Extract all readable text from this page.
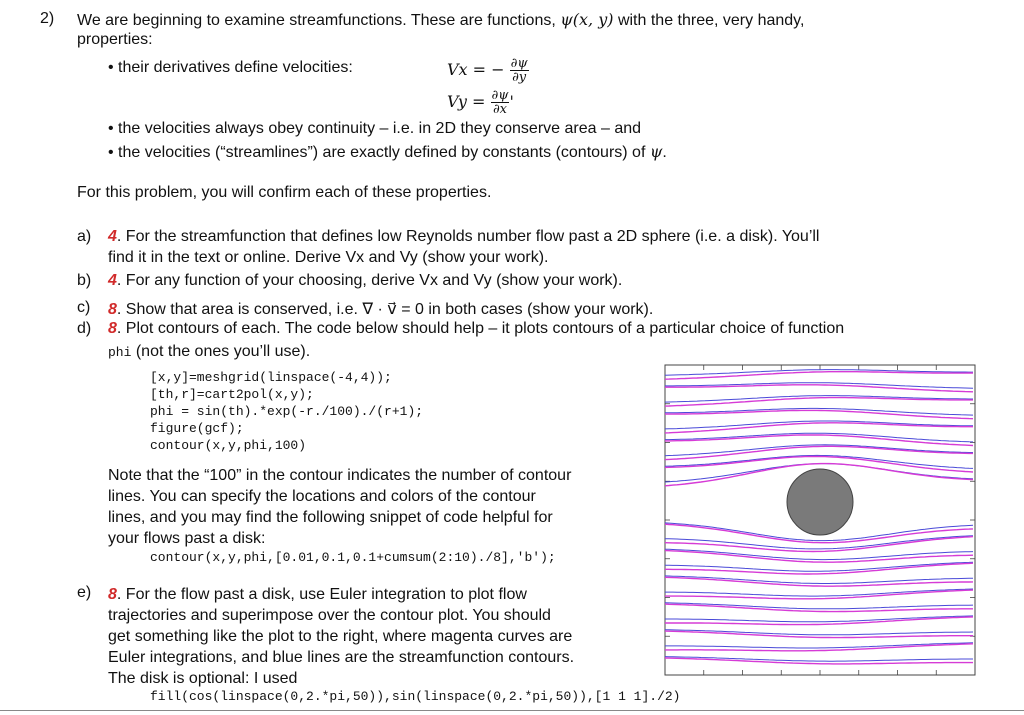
2) We are beginning to examine streamfunctions. These are functions, ψ(x, y) with the three, very handy,
properties:
• their derivatives define velocities:	Vx = − $\frac{\partial\psi}{\partial y}$
$Vy = \frac{\partial\psi}{\partial x}$ '
• the velocities always obey continuity – i.e. in 2D they conserve area – and
• the velocities (“streamlines”) are exactly defined by constants (contours) of ψ.
For this problem, you will confirm each of these properties.
a) 4. For the streamfunction that defines low Reynolds number flow past a 2D sphere (i.e. a disk). You’ll
find it in the text or online. Derive Vx and Vy (show your work).
b) 4. For any function of your choosing, derive Vx and Vy (show your work).
c) 8. Show that area is conserved, i.e. ∇ · v⃗ = 0 in both cases (show your work).
d) 8. Plot contours of each. The code below should help – it plots contours of a particular choice of function
phi (not the ones you’ll use).
[x,y]=meshgrid(linspace(-4,4));
[th,r]=cart2pol(x,y);
phi = sin(th).*exp(-r./100)./(r+1);
figure(gcf);
contour(x,y,phi,100)
Note that the “100” in the contour indicates the number of contour
lines. You can specify the locations and colors of the contour
lines, and you may find the following snippet of code helpful for
your flows past a disk:
contour(x,y,phi,[0.01,0.1,0.1+cumsum(2:10)./8],'b');
e) 8. For the flow past a disk, use Euler integration to plot flow
trajectories and superimpose over the contour plot. You should
get something like the plot to the right, where magenta curves are
Euler integrations, and blue lines are the streamfunction contours.
The disk is optional: I used
fill(cos(linspace(0,2.*pi,50)),sin(linspace(0,2.*pi,50)),[1 1 1]./2)
